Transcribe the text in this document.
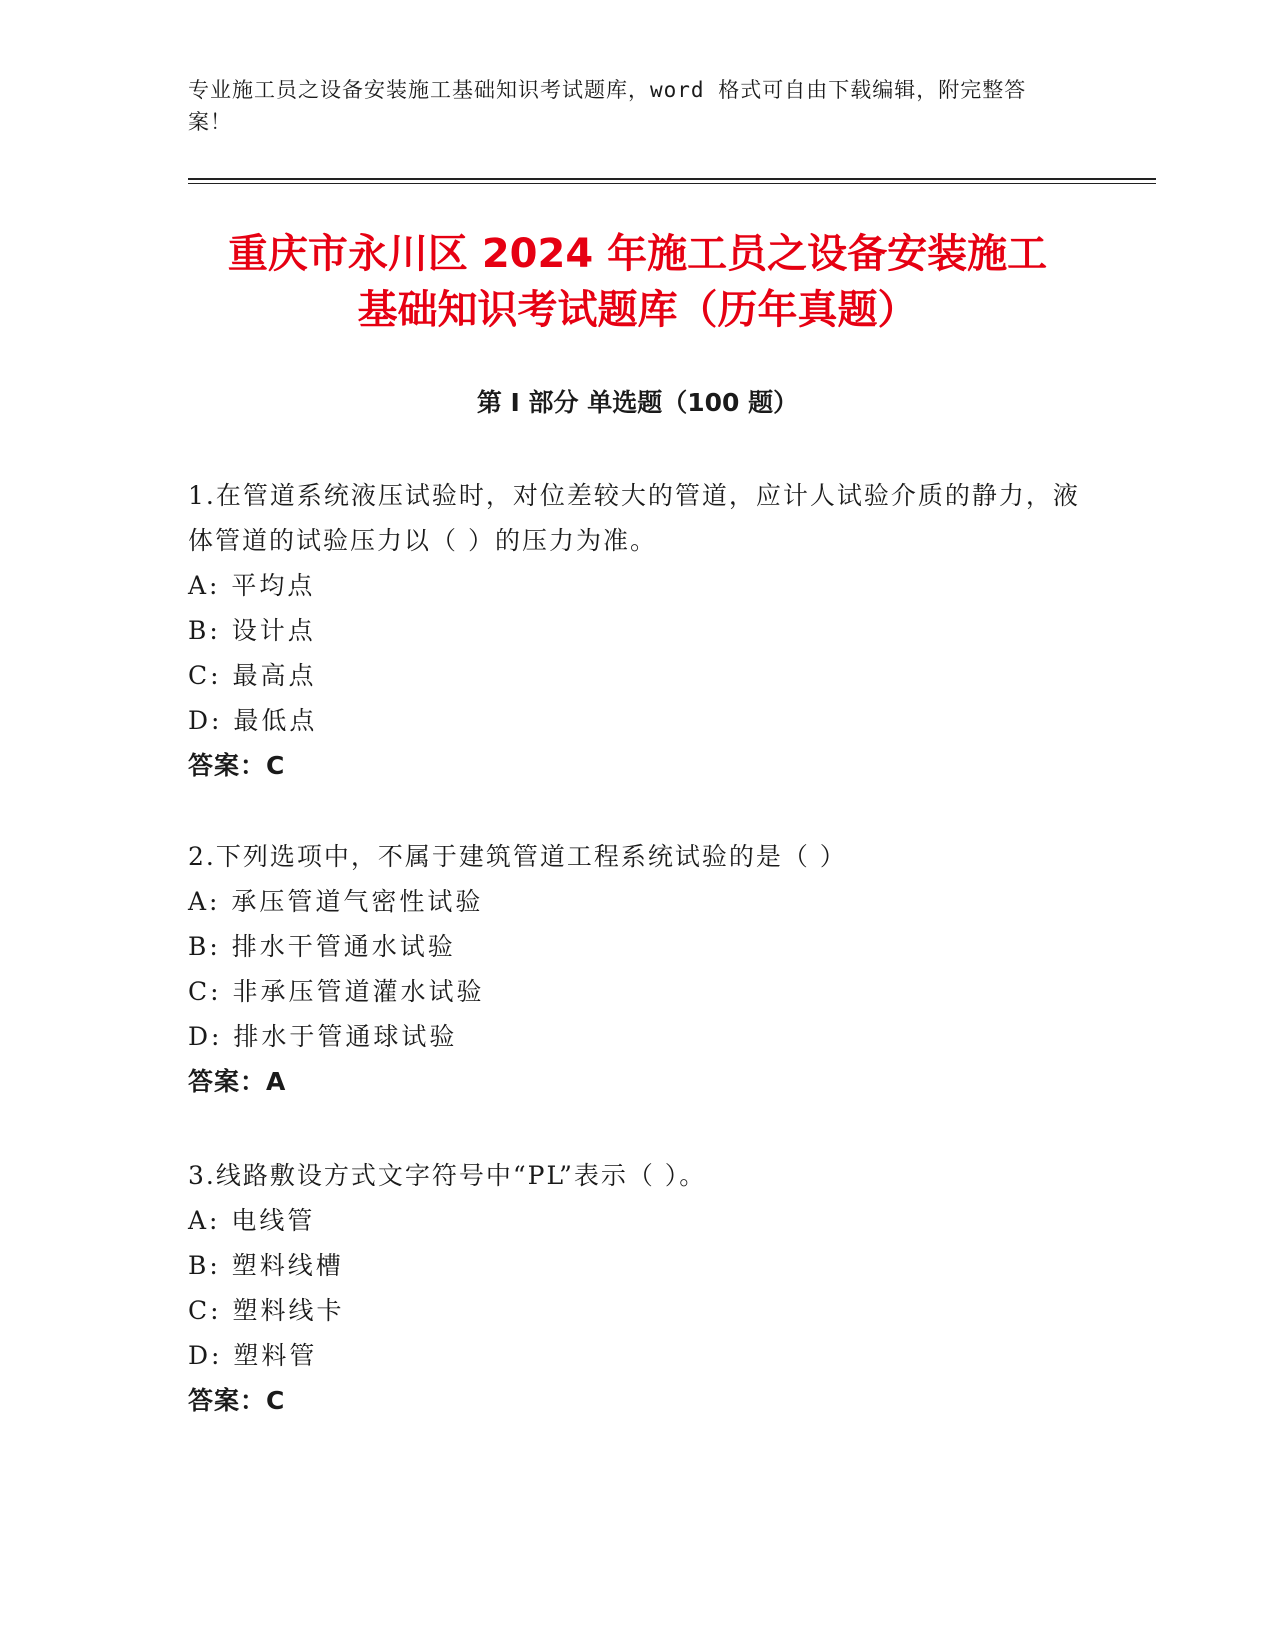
专业施工员之设备安装施工基础知识考试题库，word 格式可自由下载编辑，附完整答案！
重庆市永川区 2024 年施工员之设备安装施工
基础知识考试题库（历年真题）
第 I 部分 单选题（100 题）
1.在管道系统液压试验时，对位差较大的管道，应计人试验介质的静力，液体管道的试验压力以（ ）的压力为准。
A: 平均点
B: 设计点
C: 最高点
D: 最低点
答案：C
2.下列选项中，不属于建筑管道工程系统试验的是（ ）
A: 承压管道气密性试验
B: 排水干管通水试验
C: 非承压管道灌水试验
D: 排水于管通球试验
答案：A
3.线路敷设方式文字符号中“PL”表示（ ）。
A: 电线管
B: 塑料线槽
C: 塑料线卡
D: 塑料管
答案：C
